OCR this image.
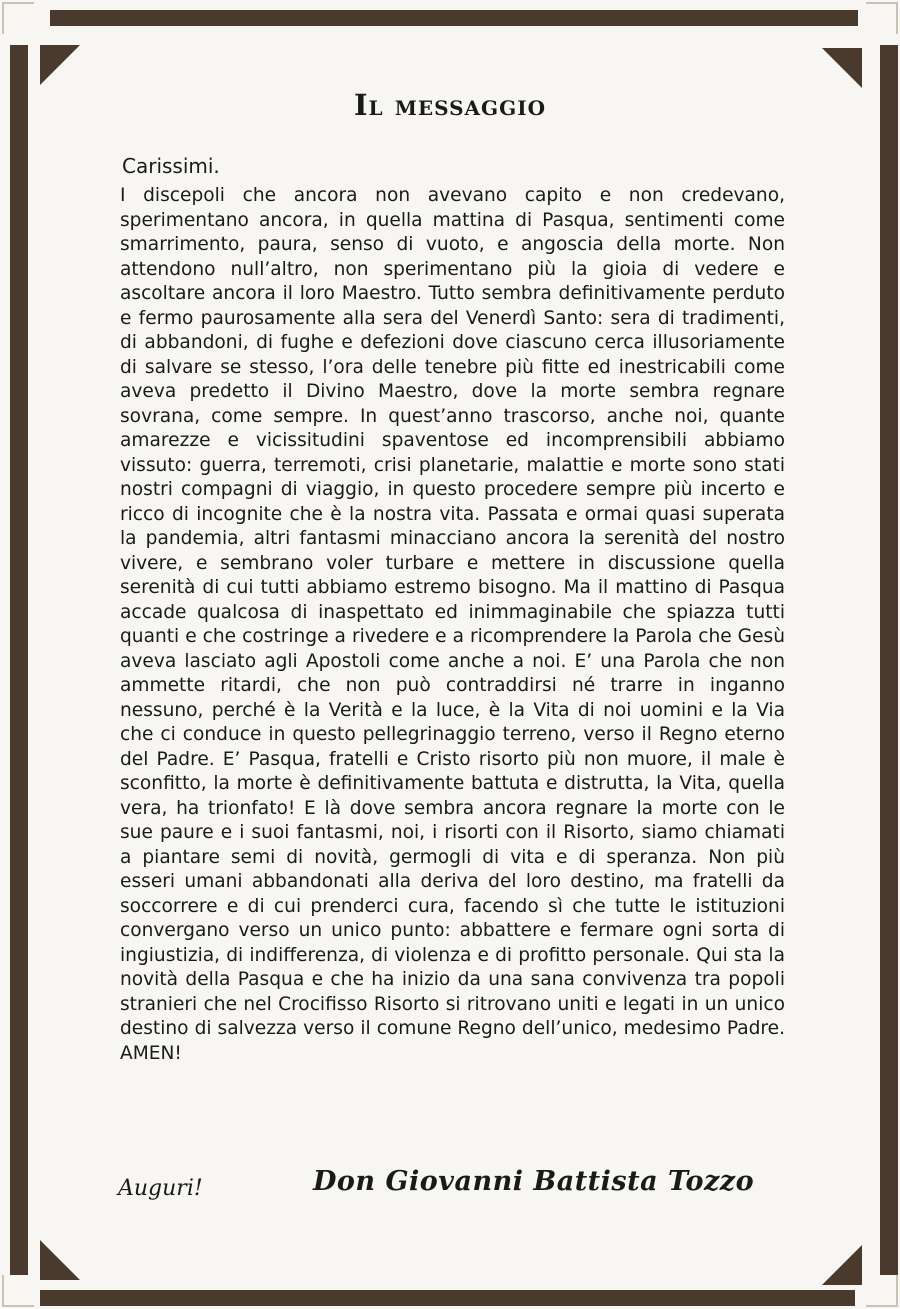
Il messaggio
Carissimi.
I discepoli che ancora non avevano capito e non credevano, sperimentano ancora, in quella mattina di Pasqua, sentimenti come smarrimento, paura, senso di vuoto, e angoscia della morte. Non attendono null’altro, non sperimentano più la gioia di vedere e ascoltare ancora il loro Maestro. Tutto sembra definitivamente perduto e fermo paurosamente alla sera del Venerdì Santo: sera di tradimenti, di abbandoni, di fughe e defezioni dove ciascuno cerca illusoriamente di salvare se stesso, l’ora delle tenebre più fitte ed inestricabili come aveva predetto il Divino Maestro, dove la morte sembra regnare sovrana, come sempre. In quest’anno trascorso, anche noi, quante amarezze e vicissitudini spaventose ed incomprensibili abbiamo vissuto: guerra, terremoti, crisi planetarie, malattie e morte sono stati nostri compagni di viaggio, in questo procedere sempre più incerto e ricco di incognite che è la nostra vita. Passata e ormai quasi superata la pandemia, altri fantasmi minacciano ancora la serenità del nostro vivere, e sembrano voler turbare e mettere in discussione quella serenità di cui tutti abbiamo estremo bisogno. Ma il mattino di Pasqua accade qualcosa di inaspettato ed inimmaginabile che spiazza tutti quanti e che costringe a rivedere e a ricomprendere la Parola che Gesù aveva lasciato agli Apostoli come anche a noi. E’ una Parola che non ammette ritardi, che non può contraddirsi né trarre in inganno nessuno, perché è la Verità e la luce, è la Vita di noi uomini e la Via che ci conduce in questo pellegrinaggio terreno, verso il Regno eterno del Padre. E’ Pasqua, fratelli e Cristo risorto più non muore, il male è sconfitto, la morte è definitivamente battuta e distrutta, la Vita, quella vera, ha trionfato! E là dove sembra ancora regnare la morte con le sue paure e i suoi fantasmi, noi, i risorti con il Risorto, siamo chiamati a piantare semi di novità, germogli di vita e di speranza. Non più esseri umani abbandonati alla deriva del loro destino, ma fratelli da soccorrere e di cui prenderci cura, facendo sì che tutte le istituzioni convergano verso un unico punto: abbattere e fermare ogni sorta di ingiustizia, di indifferenza, di violenza e di profitto personale. Qui sta la novità della Pasqua e che ha inizio da una sana convivenza tra popoli stranieri che nel Crocifisso Risorto si ritrovano uniti e legati in un unico destino di salvezza verso il comune Regno dell’unico, medesimo Padre. AMEN!
Auguri!	Don Giovanni Battista Tozzo
